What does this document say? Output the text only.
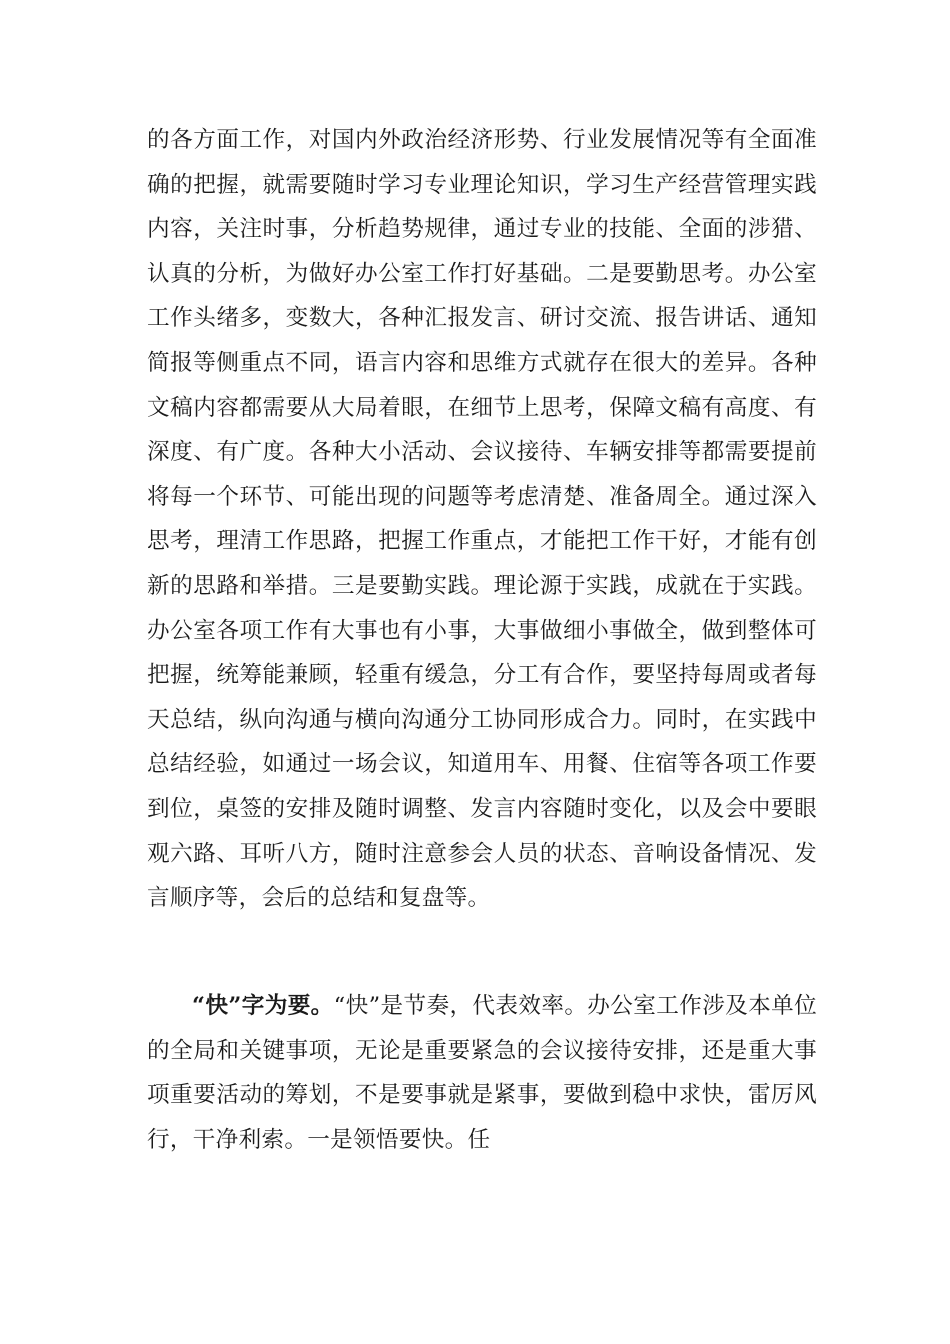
的各方面工作，对国内外政治经济形势、行业发展情况等有全面准确的把握，就需要随时学习专业理论知识，学习生产经营管理实践内容，关注时事，分析趋势规律，通过专业的技能、全面的涉猎、认真的分析，为做好办公室工作打好基础。二是要勤思考。办公室工作头绪多，变数大，各种汇报发言、研讨交流、报告讲话、通知简报等侧重点不同，语言内容和思维方式就存在很大的差异。各种文稿内容都需要从大局着眼，在细节上思考，保障文稿有高度、有深度、有广度。各种大小活动、会议接待、车辆安排等都需要提前将每一个环节、可能出现的问题等考虑清楚、准备周全。通过深入思考，理清工作思路，把握工作重点，才能把工作干好，才能有创新的思路和举措。三是要勤实践。理论源于实践，成就在于实践。办公室各项工作有大事也有小事，大事做细小事做全，做到整体可把握，统筹能兼顾，轻重有缓急，分工有合作，要坚持每周或者每天总结，纵向沟通与横向沟通分工协同形成合力。同时，在实践中总结经验，如通过一场会议，知道用车、用餐、住宿等各项工作要到位，桌签的安排及随时调整、发言内容随时变化，以及会中要眼观六路、耳听八方，随时注意参会人员的状态、音响设备情况、发言顺序等，会后的总结和复盘等。
“快”字为要。“快”是节奏，代表效率。办公室工作涉及本单位的全局和关键事项，无论是重要紧急的会议接待安排，还是重大事项重要活动的筹划，不是要事就是紧事，要做到稳中求快，雷厉风行，干净利索。一是领悟要快。任
